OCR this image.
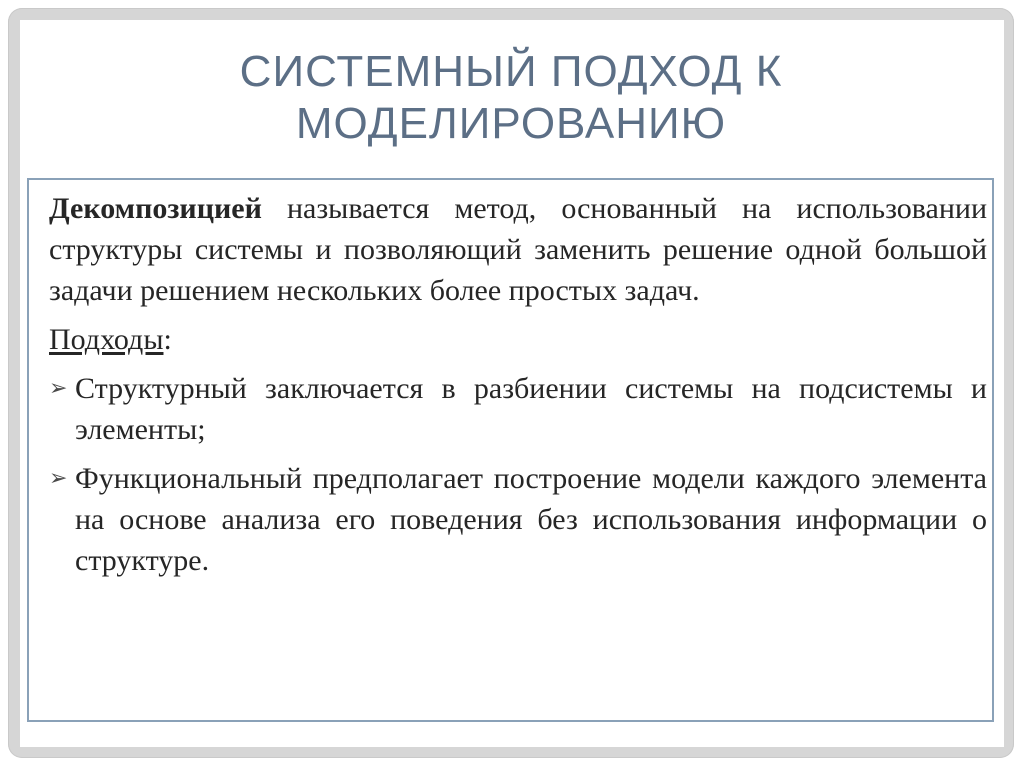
СИСТЕМНЫЙ ПОДХОД К
МОДЕЛИРОВАНИЮ

Декомпозицией называется метод, основанный на использовании структуры системы и позволяющий заменить решение одной большой задачи решением нескольких более простых задач.

Подходы:

➢ Структурный заключается в разбиении системы на подсистемы и элементы;
➢ Функциональный предполагает построение модели каждого элемента на основе анализа его поведения без использования информации о структуре.
